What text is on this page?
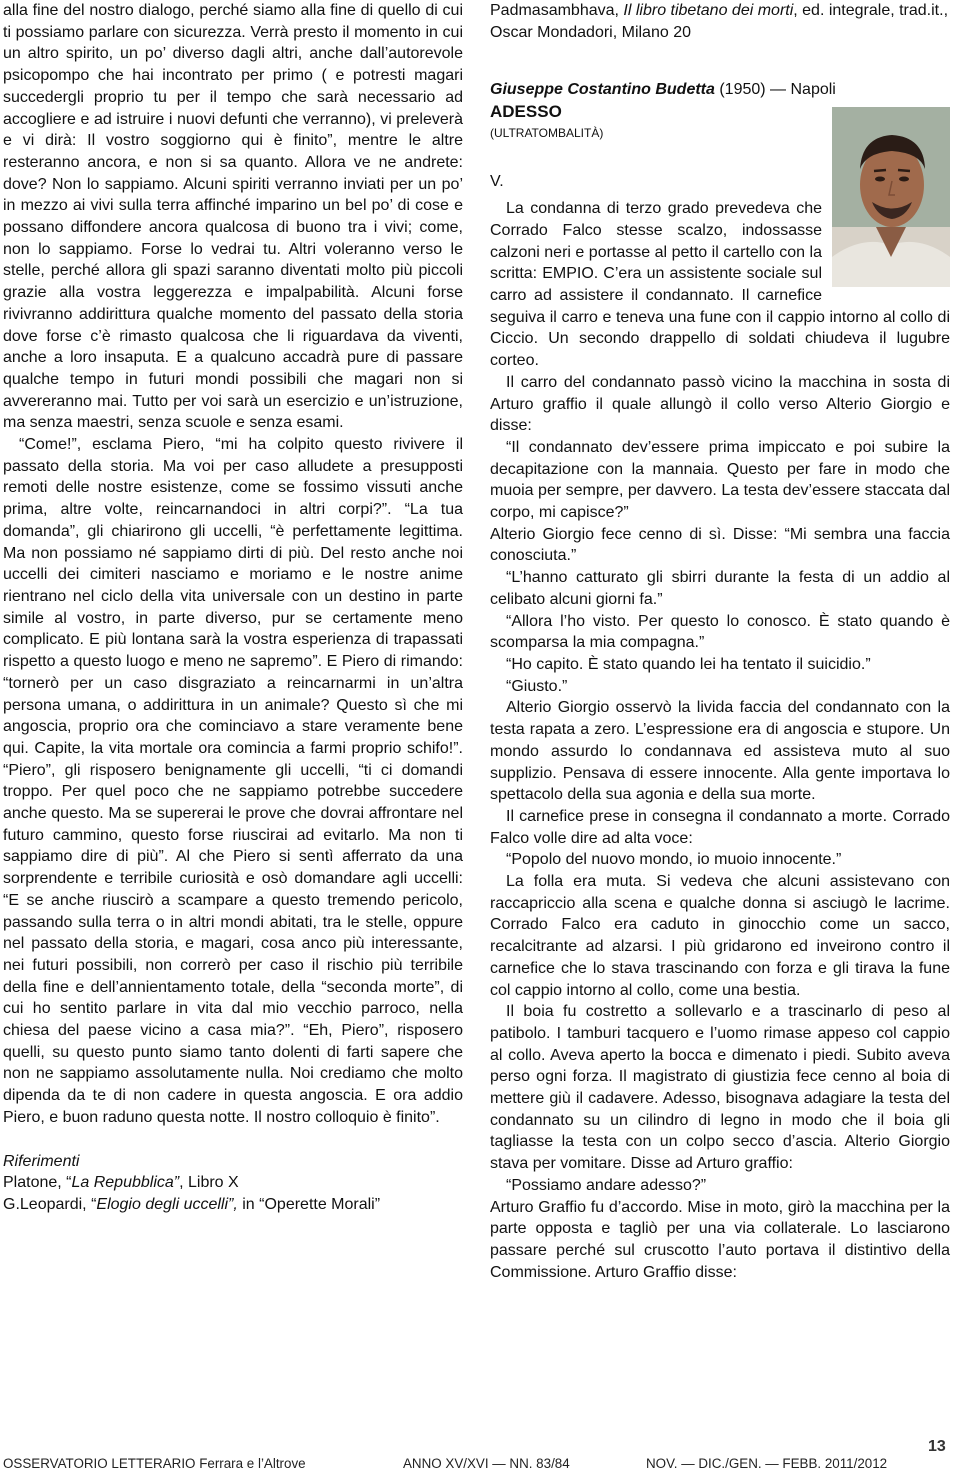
alla fine del nostro dialogo, perché siamo alla fine di quello di cui ti possiamo parlare con sicurezza. Verrà presto il momento in cui un altro spirito, un po’ diverso dagli altri, anche dall’autorevole psicopompo che hai incontrato per primo ( e potresti magari succedergli proprio tu per il tempo che sarà necessario ad accogliere e ad istruire i nuovi defunti che verranno), vi preleverà e vi dirà: Il vostro soggiorno qui è finito”, mentre le altre resteranno ancora, e non si sa quanto. Allora ve ne andrete: dove? Non lo sappiamo. Alcuni spiriti verranno inviati per un po’ in mezzo ai vivi sulla terra affinché imparino un bel po’ di cose e possano diffondere ancora qualcosa di buono tra i vivi; come, non lo sappiamo. Forse lo vedrai tu. Altri voleranno verso le stelle, perché allora gli spazi saranno diventati molto più piccoli grazie alla vostra leggerezza e impalpabilità. Alcuni forse rivivranno addirittura qualche momento del passato della storia dove forse c’è rimasto qualcosa che li riguardava da viventi, anche a loro insaputa. E a qualcuno accadrà pure di passare qualche tempo in futuri mondi possibili che magari non si avvereranno mai. Tutto per voi sarà un esercizio e un’istruzione, ma senza maestri, senza scuole e senza esami.

“Come!”, esclama Piero, “mi ha colpito questo rivivere il passato della storia. Ma voi per caso alludete a presupposti remoti delle nostre esistenze, come se fossimo vissuti anche prima, altre volte, reincarnandoci in altri corpi?”. “La tua domanda”, gli chiarirono gli uccelli, “è perfettamente legittima. Ma non possiamo né sappiamo dirti di più. Del resto anche noi uccelli dei cimiteri nasciamo e moriamo e le nostre anime rientrano nel ciclo della vita universale con un destino in parte simile al vostro, in parte diverso, pur se certamente meno complicato. E più lontana sarà la vostra esperienza di trapassati rispetto a questo luogo e meno ne sapremo”. E Piero di rimando: “tornerò per un caso disgraziato a reincarnarmi in un’altra persona umana, o addirittura in un animale? Questo sì che mi angoscia, proprio ora che cominciavo a stare veramente bene qui. Capite, la vita mortale ora comincia a farmi proprio schifo!”. “Piero”, gli risposero benignamente gli uccelli, “ti ci domandi troppo. Per quel poco che ne sappiamo potrebbe succedere anche questo. Ma se supererai le prove che dovrai affrontare nel futuro cammino, questo forse riuscirai ad evitarlo. Ma non ti sappiamo dire di più”. Al che Piero si sentì afferrato da una sorprendente e terribile curiosità e osò domandare agli uccelli: “E se anche riuscirò a scampare a questo tremendo pericolo, passando sulla terra o in altri mondi abitati, tra le stelle, oppure nel passato della storia, e magari, cosa anco più interessante, nei futuri possibili, non correrò per caso il rischio più terribile della fine e dell’annientamento totale, della “seconda morte”, di cui ho sentito parlare in vita dal mio vecchio parroco, nella chiesa del paese vicino a casa mia?”. “Eh, Piero”, risposero quelli, su questo punto siamo tanto dolenti di farti sapere che non ne sappiamo assolutamente nulla. Noi crediamo che molto dipenda da te di non cadere in questa angoscia. E ora addio Piero, e buon raduno questa notte. Il nostro colloquio è finito”.

Riferimenti
Platone, “La Repubblica”, Libro X
G.Leopardi, “Elogio degli uccelli”, in “Operette Morali”

Padmasambhava, Il libro tibetano dei morti, ed. integrale, trad.it., Oscar Mondadori, Milano 20

Giuseppe Costantino Budetta (1950) — Napoli

ADESSO

(ULTRATOMBALITÀ)

V.

La condanna di terzo grado prevedeva che Corrado Falco stesse scalzo, indossasse calzoni neri e portasse al petto il cartello con la scritta: EMPIO. C’era un assistente sociale sul carro ad assistere il condannato. Il carnefice seguiva il carro e teneva una fune con il cappio intorno al collo di Ciccio. Un secondo drappello di soldati chiudeva il lugubre corteo.

Il carro del condannato passò vicino la macchina in sosta di Arturo graffio il quale allungò il collo verso Alterio Giorgio e disse:

“Il condannato dev’essere prima impiccato e poi subire la decapitazione con la mannaia. Questo per fare in modo che muoia per sempre, per davvero. La testa dev’essere staccata dal corpo, mi capisce?”

Alterio Giorgio fece cenno di sì. Disse: “Mi sembra una faccia conosciuta.”

“L’hanno catturato gli sbirri durante la festa di un addio al celibato alcuni giorni fa.”

“Allora l’ho visto. Per questo lo conosco. È stato quando è scomparsa la mia compagna.”

“Ho capito. È stato quando lei ha tentato il suicidio.”

“Giusto.”

Alterio Giorgio osservò la livida faccia del condannato con la testa rapata a zero. L’espressione era di angoscia e stupore. Un mondo assurdo lo condannava ed assisteva muto al suo supplizio. Pensava di essere innocente. Alla gente importava lo spettacolo della sua agonia e della sua morte.

Il carnefice prese in consegna il condannato a morte. Corrado Falco volle dire ad alta voce:

“Popolo del nuovo mondo, io muoio innocente.”

La folla era muta. Si vedeva che alcuni assistevano con raccapriccio alla scena e qualche donna si asciugò le lacrime. Corrado Falco era caduto in ginocchio come un sacco, recalcitrante ad alzarsi. I più gridarono ed inveirono contro il carnefice che lo stava trascinando con forza e gli tirava la fune col cappio intorno al collo, come una bestia.

Il boia fu costretto a sollevarlo e a trascinarlo di peso al patibolo. I tamburi tacquero e l’uomo rimase appeso col cappio al collo. Aveva aperto la bocca e dimenato i piedi. Subito aveva perso ogni forza. Il magistrato di giustizia fece cenno al boia di mettere giù il cadavere. Adesso, bisognava adagiare la testa del condannato su un cilindro di legno in modo che il boia gli tagliasse la testa con un colpo secco d’ascia. Alterio Giorgio stava per vomitare. Disse ad Arturo graffio:

“Possiamo andare adesso?”

Arturo Graffio fu d’accordo. Mise in moto, girò la macchina per la parte opposta e tagliò per una via collaterale. Lo lasciarono passare perché sul cruscotto l’auto portava il distintivo della Commissione. Arturo Graffio disse:

OSSERVATORIO LETTERARIO Ferrara e l’Altrove	ANNO XV/XVI — NN. 83/84	NOV. — DIC./GEN. — FEBB. 2011/2012
13
